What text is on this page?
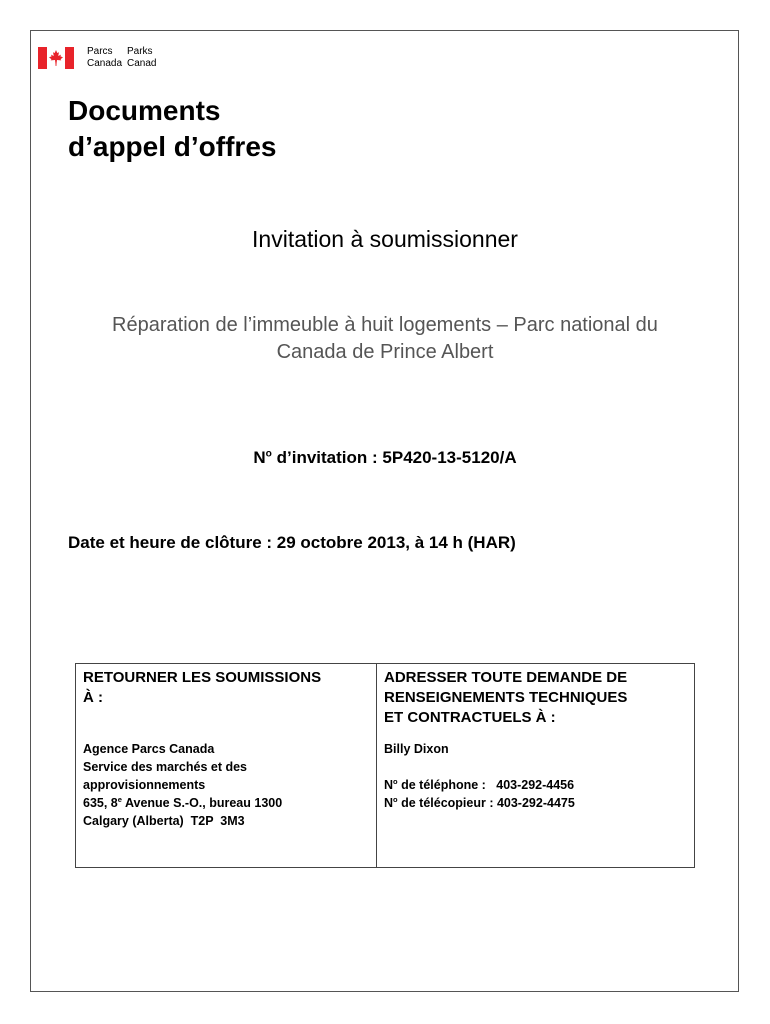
Parcs	Parks
Canada Canad
Documents
d’appel d’offres
Invitation à soumissionner
Réparation de l’immeuble à huit logements – Parc national du
Canada de Prince Albert
$N^o$ d’invitation : 5P420-13-5120/A
Date et heure de clôture : 29 octobre 2013, à 14 h (HAR)
RETOURNER LES SOUMISSIONS
À :
Agence Parcs Canada
Service des marchés et des
approvisionnements
635, 8e Avenue S.-O., bureau 1300
Calgary (Alberta)  T2P  3M3

ADRESSER TOUTE DEMANDE DE
RENSEIGNEMENTS TECHNIQUES
ET CONTRACTUELS À :
Billy Dixon
$N^o$ de téléphone :   403-292-4456
$N^o$ de télécopieur : 403-292-4475
